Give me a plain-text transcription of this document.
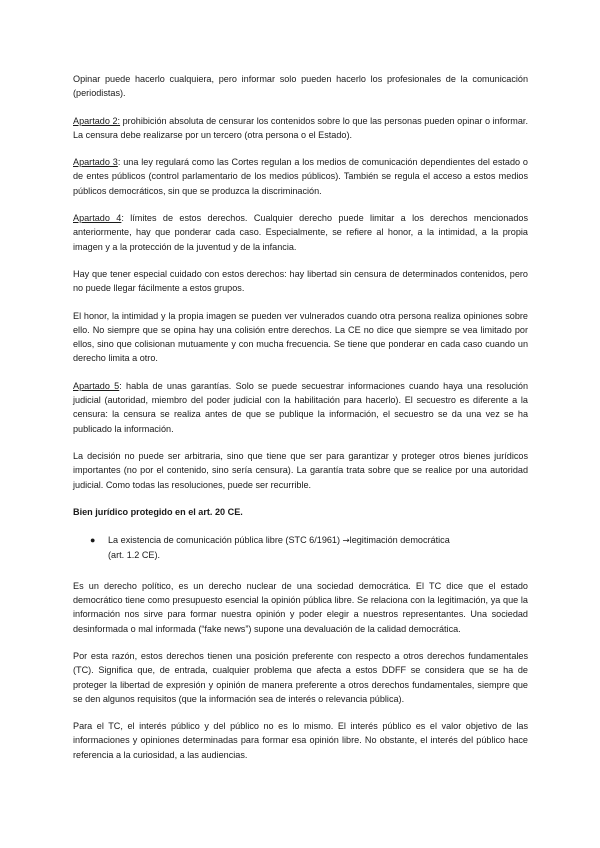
Opinar puede hacerlo cualquiera, pero informar solo pueden hacerlo los profesionales de la comunicación (periodistas).

Apartado 2: prohibición absoluta de censurar los contenidos sobre lo que las personas pueden opinar o informar. La censura debe realizarse por un tercero (otra persona o el Estado).

Apartado 3: una ley regulará como las Cortes regulan a los medios de comunicación dependientes del estado o de entes públicos (control parlamentario de los medios públicos). También se regula el acceso a estos medios públicos democráticos, sin que se produzca la discriminación.

Apartado 4: límites de estos derechos. Cualquier derecho puede limitar a los derechos mencionados anteriormente, hay que ponderar cada caso. Especialmente, se refiere al honor, a la intimidad, a la propia imagen y a la protección de la juventud y de la infancia.

Hay que tener especial cuidado con estos derechos: hay libertad sin censura de determinados contenidos, pero no puede llegar fácilmente a estos grupos.

El honor, la intimidad y la propia imagen se pueden ver vulnerados cuando otra persona realiza opiniones sobre ello. No siempre que se opina hay una colisión entre derechos. La CE no dice que siempre se vea limitado por ellos, sino que colisionan mutuamente y con mucha frecuencia. Se tiene que ponderar en cada caso cuando un derecho limita a otro.

Apartado 5: habla de unas garantías. Solo se puede secuestrar informaciones cuando haya una resolución judicial (autoridad, miembro del poder judicial con la habilitación para hacerlo). El secuestro es diferente a la censura: la censura se realiza antes de que se publique la información, el secuestro se da una vez se ha publicado la información.

La decisión no puede ser arbitraria, sino que tiene que ser para garantizar y proteger otros bienes jurídicos importantes (no por el contenido, sino sería censura). La garantía trata sobre que se realice por una autoridad judicial. Como todas las resoluciones, puede ser recurrible.

Bien jurídico protegido en el art. 20 CE.

●	La existencia de comunicación pública libre (STC 6/1961) →legitimación democrática
(art. 1.2 CE).

Es un derecho político, es un derecho nuclear de una sociedad democrática. El TC dice que el estado democrático tiene como presupuesto esencial la opinión pública libre. Se relaciona con la legitimación, ya que la información nos sirve para formar nuestra opinión y poder elegir a nuestros representantes. Una sociedad desinformada o mal informada (“fake news”) supone una devaluación de la calidad democrática.

Por esta razón, estos derechos tienen una posición preferente con respecto a otros derechos fundamentales (TC). Significa que, de entrada, cualquier problema que afecta a estos DDFF se considera que se ha de proteger la libertad de expresión y opinión de manera preferente a otros derechos fundamentales, siempre que se den algunos requisitos (que la información sea de interés o relevancia pública).

Para el TC, el interés público y del público no es lo mismo. El interés público es el valor objetivo de las informaciones y opiniones determinadas para formar esa opinión libre. No obstante, el interés del público hace referencia a la curiosidad, a las audiencias.
